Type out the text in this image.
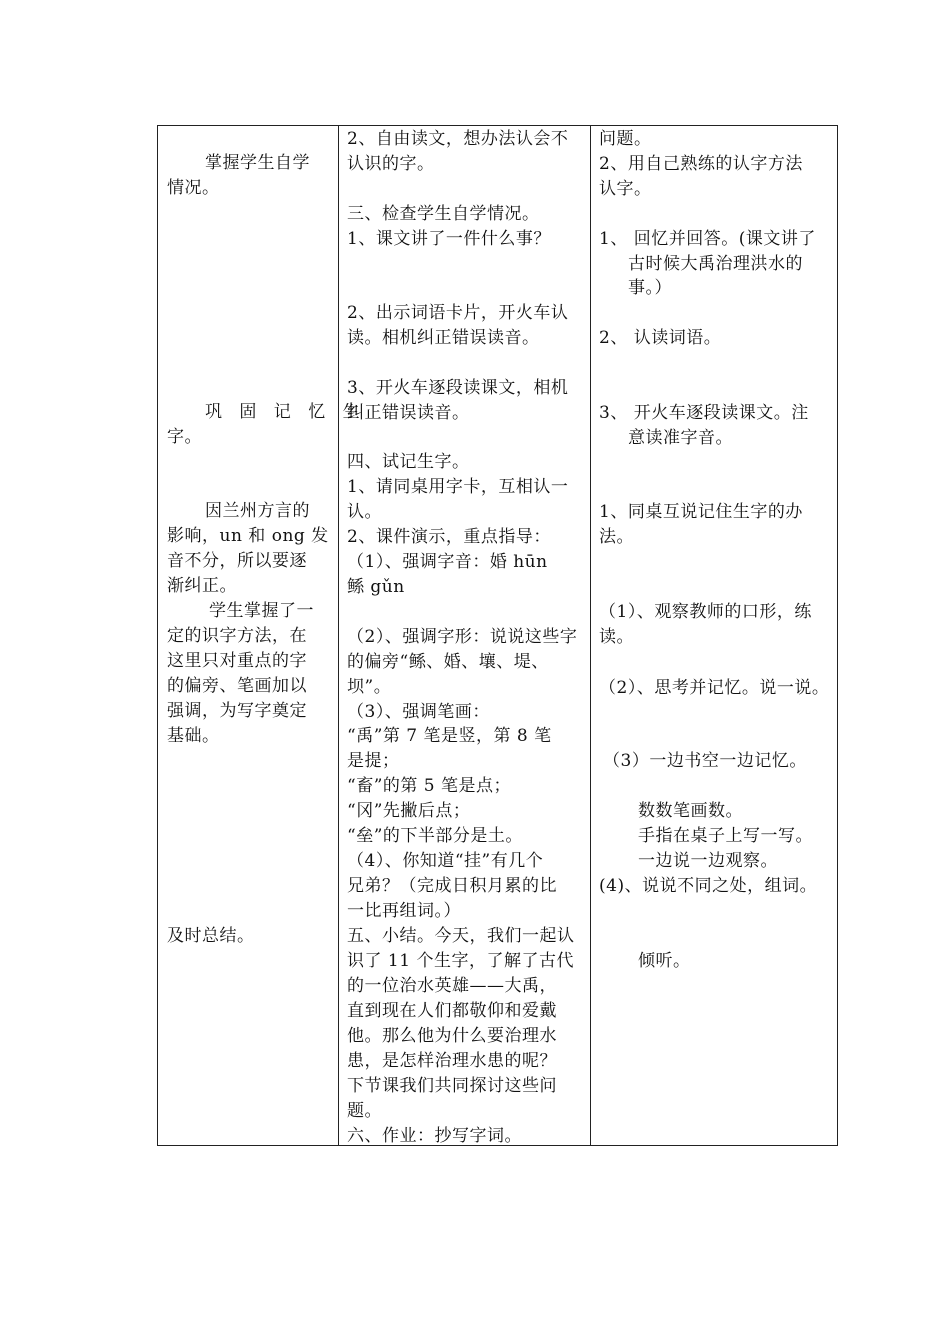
掌握学生自学
情况。
巩 固 记 忆 生
字。
因兰州方言的
影响，un 和 ong 发
音不分，所以要逐
渐纠正。
学生掌握了一
定的识字方法，在
这里只对重点的字
的偏旁、笔画加以
强调，为写字奠定
基础。
及时总结。
2、自由读文，想办法认会不
认识的字。
三、检查学生自学情况。
1、课文讲了一件什么事？
2、出示词语卡片，开火车认
读。相机纠正错误读音。
3、开火车逐段读课文，相机
纠正错误读音。
四、试记生字。
1、请同桌用字卡，互相认一
认。
2、课件演示，重点指导：
（1）、强调字音：婚 hūn
鲧 gǔn
（2）、强调字形：说说这些字
的偏旁“鲧、婚、壤、堤、
坝”。
（3）、强调笔画：
“禹”第 7 笔是竖，第 8 笔
是提；
“畜”的第 5 笔是点；
“冈”先撇后点；
“垒”的下半部分是土。
（4）、你知道“挂”有几个
兄弟？（完成日积月累的比
一比再组词。）
五、小结。今天，我们一起认
识了 11 个生字，了解了古代
的一位治水英雄——大禹，
直到现在人们都敬仰和爱戴
他。那么他为什么要治理水
患，是怎样治理水患的呢？
下节课我们共同探讨这些问
题。
六、作业：抄写字词。
问题。
2、用自己熟练的认字方法
认字。
1、 回忆并回答。(课文讲了
古时候大禹治理洪水的
事。）
2、 认读词语。
3、 开火车逐段读课文。注
意读准字音。
1、同桌互说记住生字的办
法。
（1）、观察教师的口形，练
读。
（2）、思考并记忆。说一说。
（3）一边书空一边记忆。
数数笔画数。
手指在桌子上写一写。
一边说一边观察。
(4)、说说不同之处，组词。
倾听。
